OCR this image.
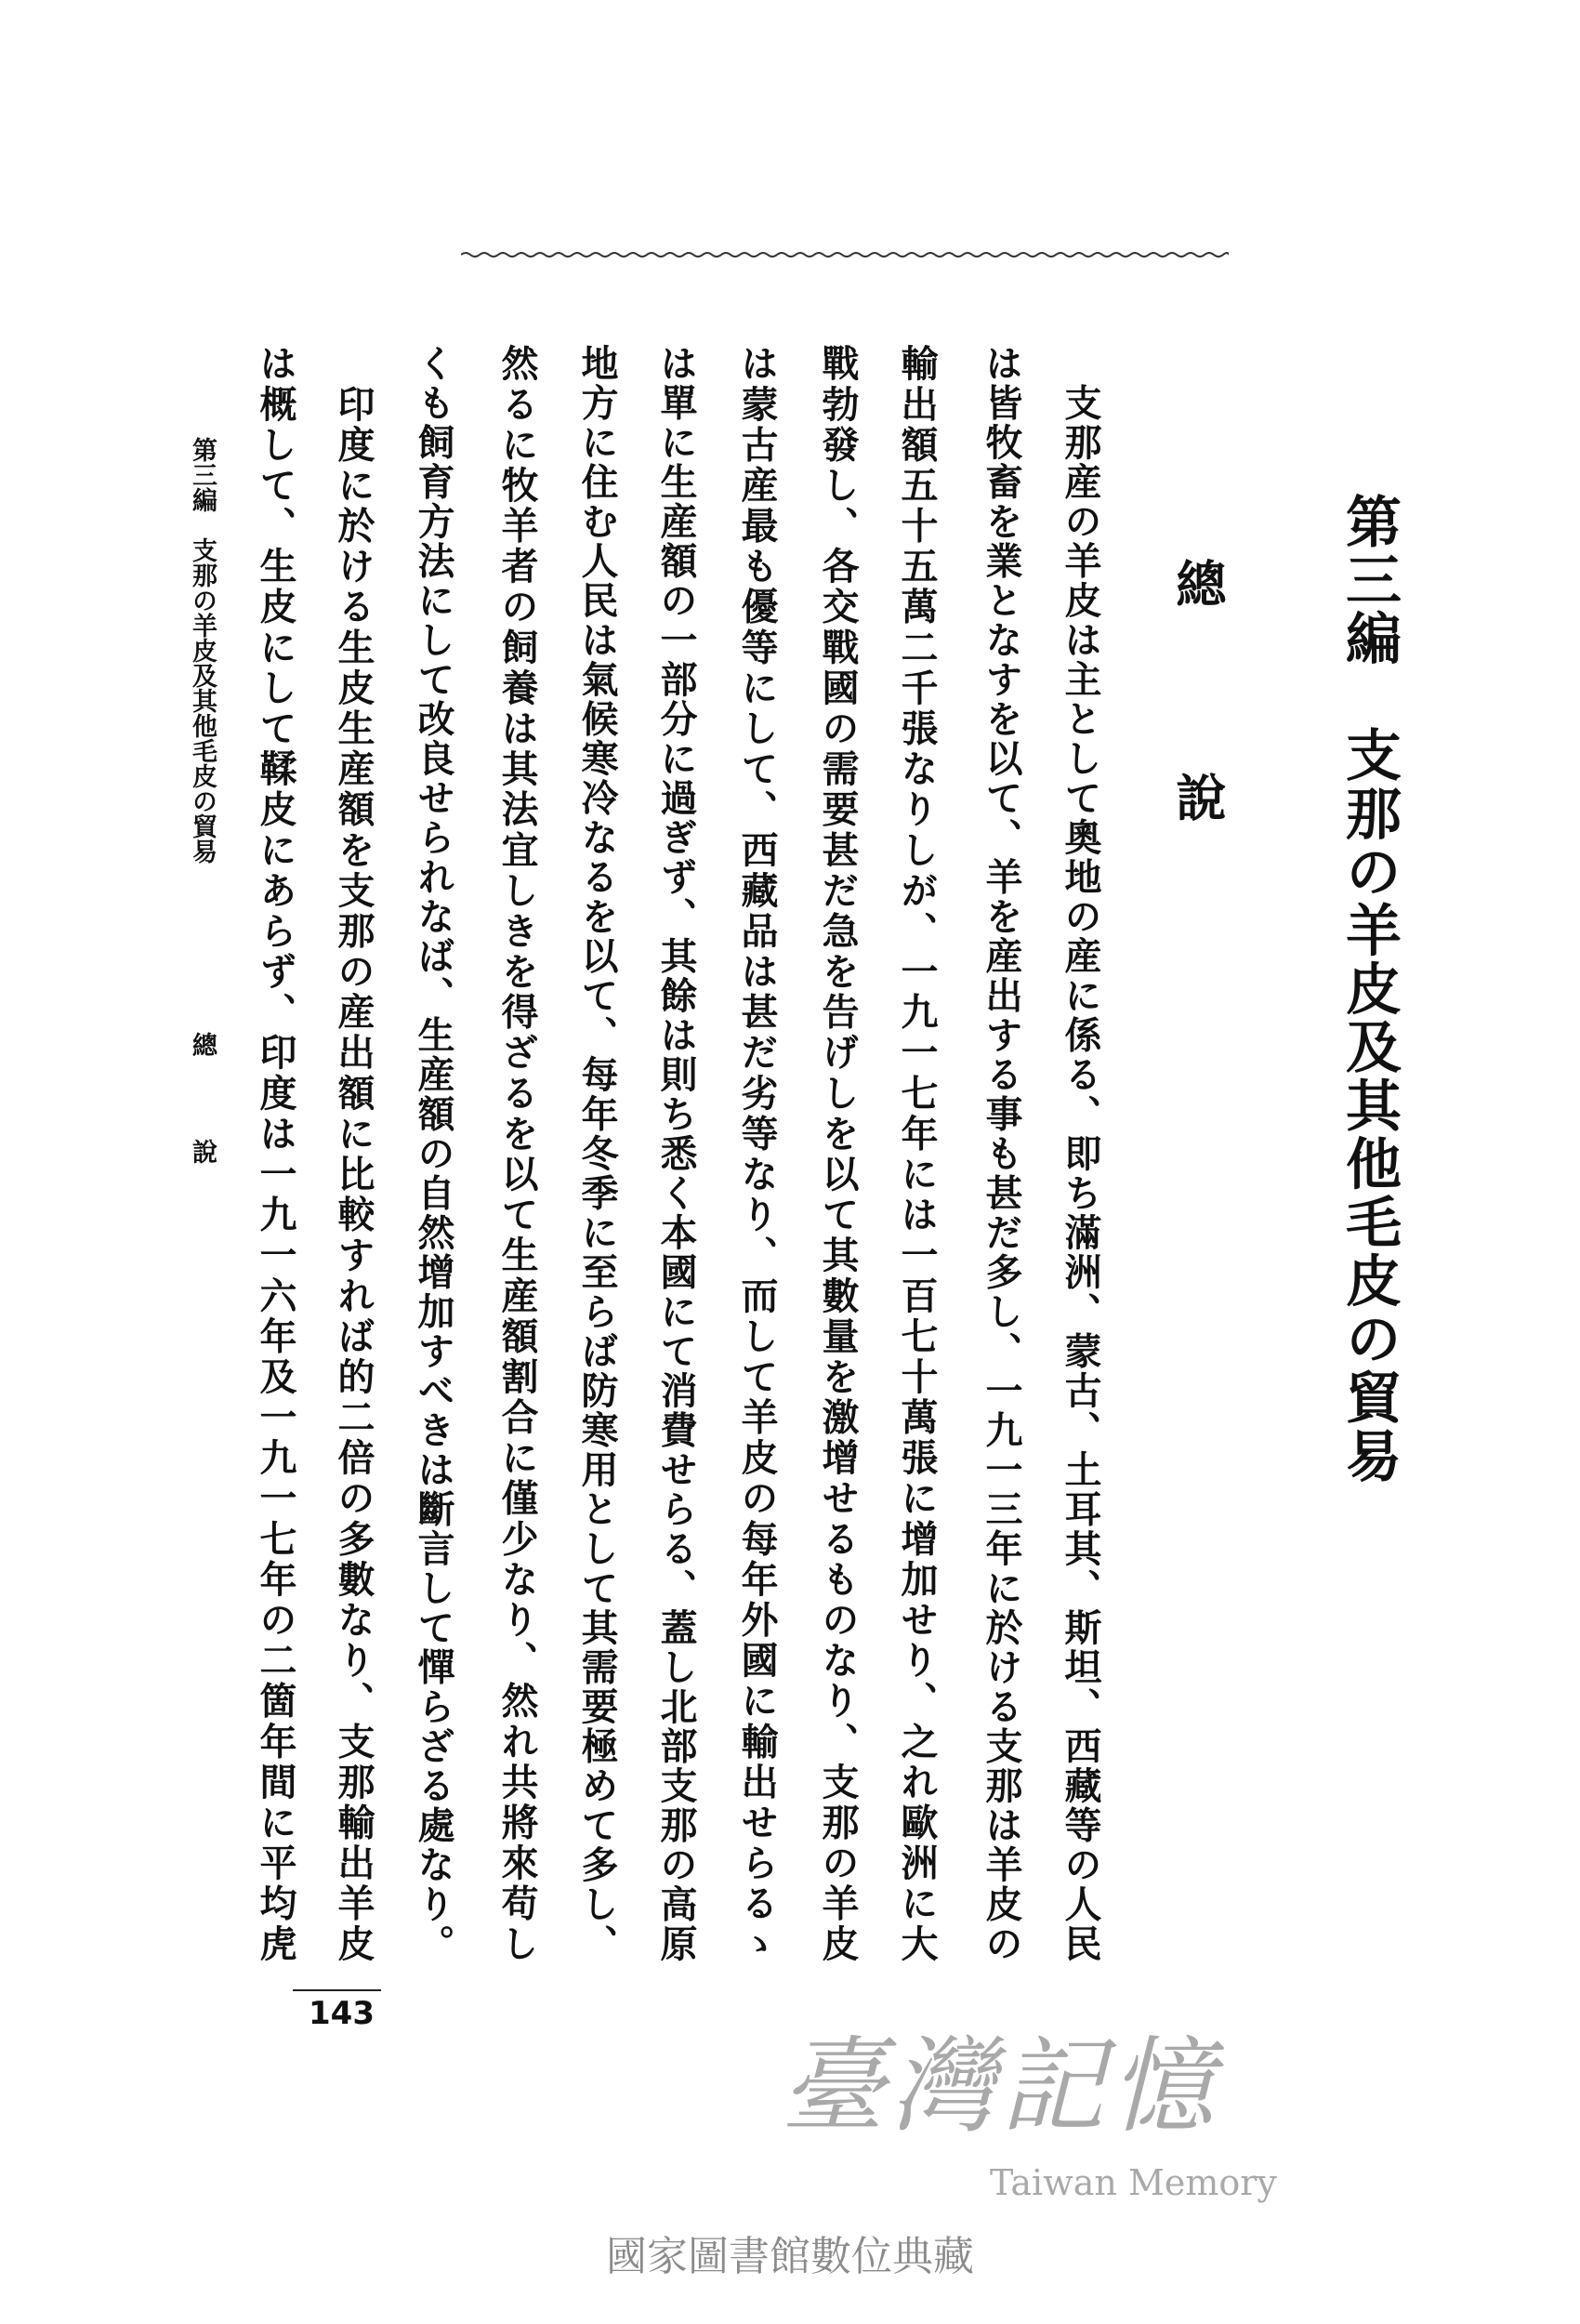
第三編　支那の羊皮及其他毛皮の貿易
總
說
　支那産の羊皮は主として奧地の産に係る、即ち滿洲、蒙古、土耳其、斯坦、西藏等の人民
は皆牧畜を業となすを以て、羊を産出する事も甚だ多し、一九一三年に於ける支那は羊皮の
輸出額五十五萬二千張なりしが、一九一七年には一百七十萬張に增加せり、之れ歐洲に大
戰勃發し、各交戰國の需要甚だ急を告げしを以て其數量を激增せるものなり、支那の羊皮
は蒙古産最も優等にして、西藏品は甚だ劣等なり、而して羊皮の每年外國に輸出せらるゝ
は單に生産額の一部分に過ぎず、其餘は則ち悉く本國にて消費せらる、蓋し北部支那の高原
地方に住む人民は氣候寒冷なるを以て、每年冬季に至らば防寒用として其需要極めて多し、
然るに牧羊者の飼養は其法宜しきを得ざるを以て生産額割合に僅少なり、然れ共將來苟し
くも飼育方法にして改良せられなば、生産額の自然增加すべきは斷言して憚らざる處なり。
　印度に於ける生皮生産額を支那の産出額に比較すれば的二倍の多數なり、支那輸出羊皮
は概して、生皮にして鞣皮にあらず、印度は一九一六年及一九一七年の二箇年間に平均虎
第三編　支那の羊皮及其他毛皮の貿易
總
說
143
臺灣記憶
Taiwan Memory
國家圖書館數位典藏
